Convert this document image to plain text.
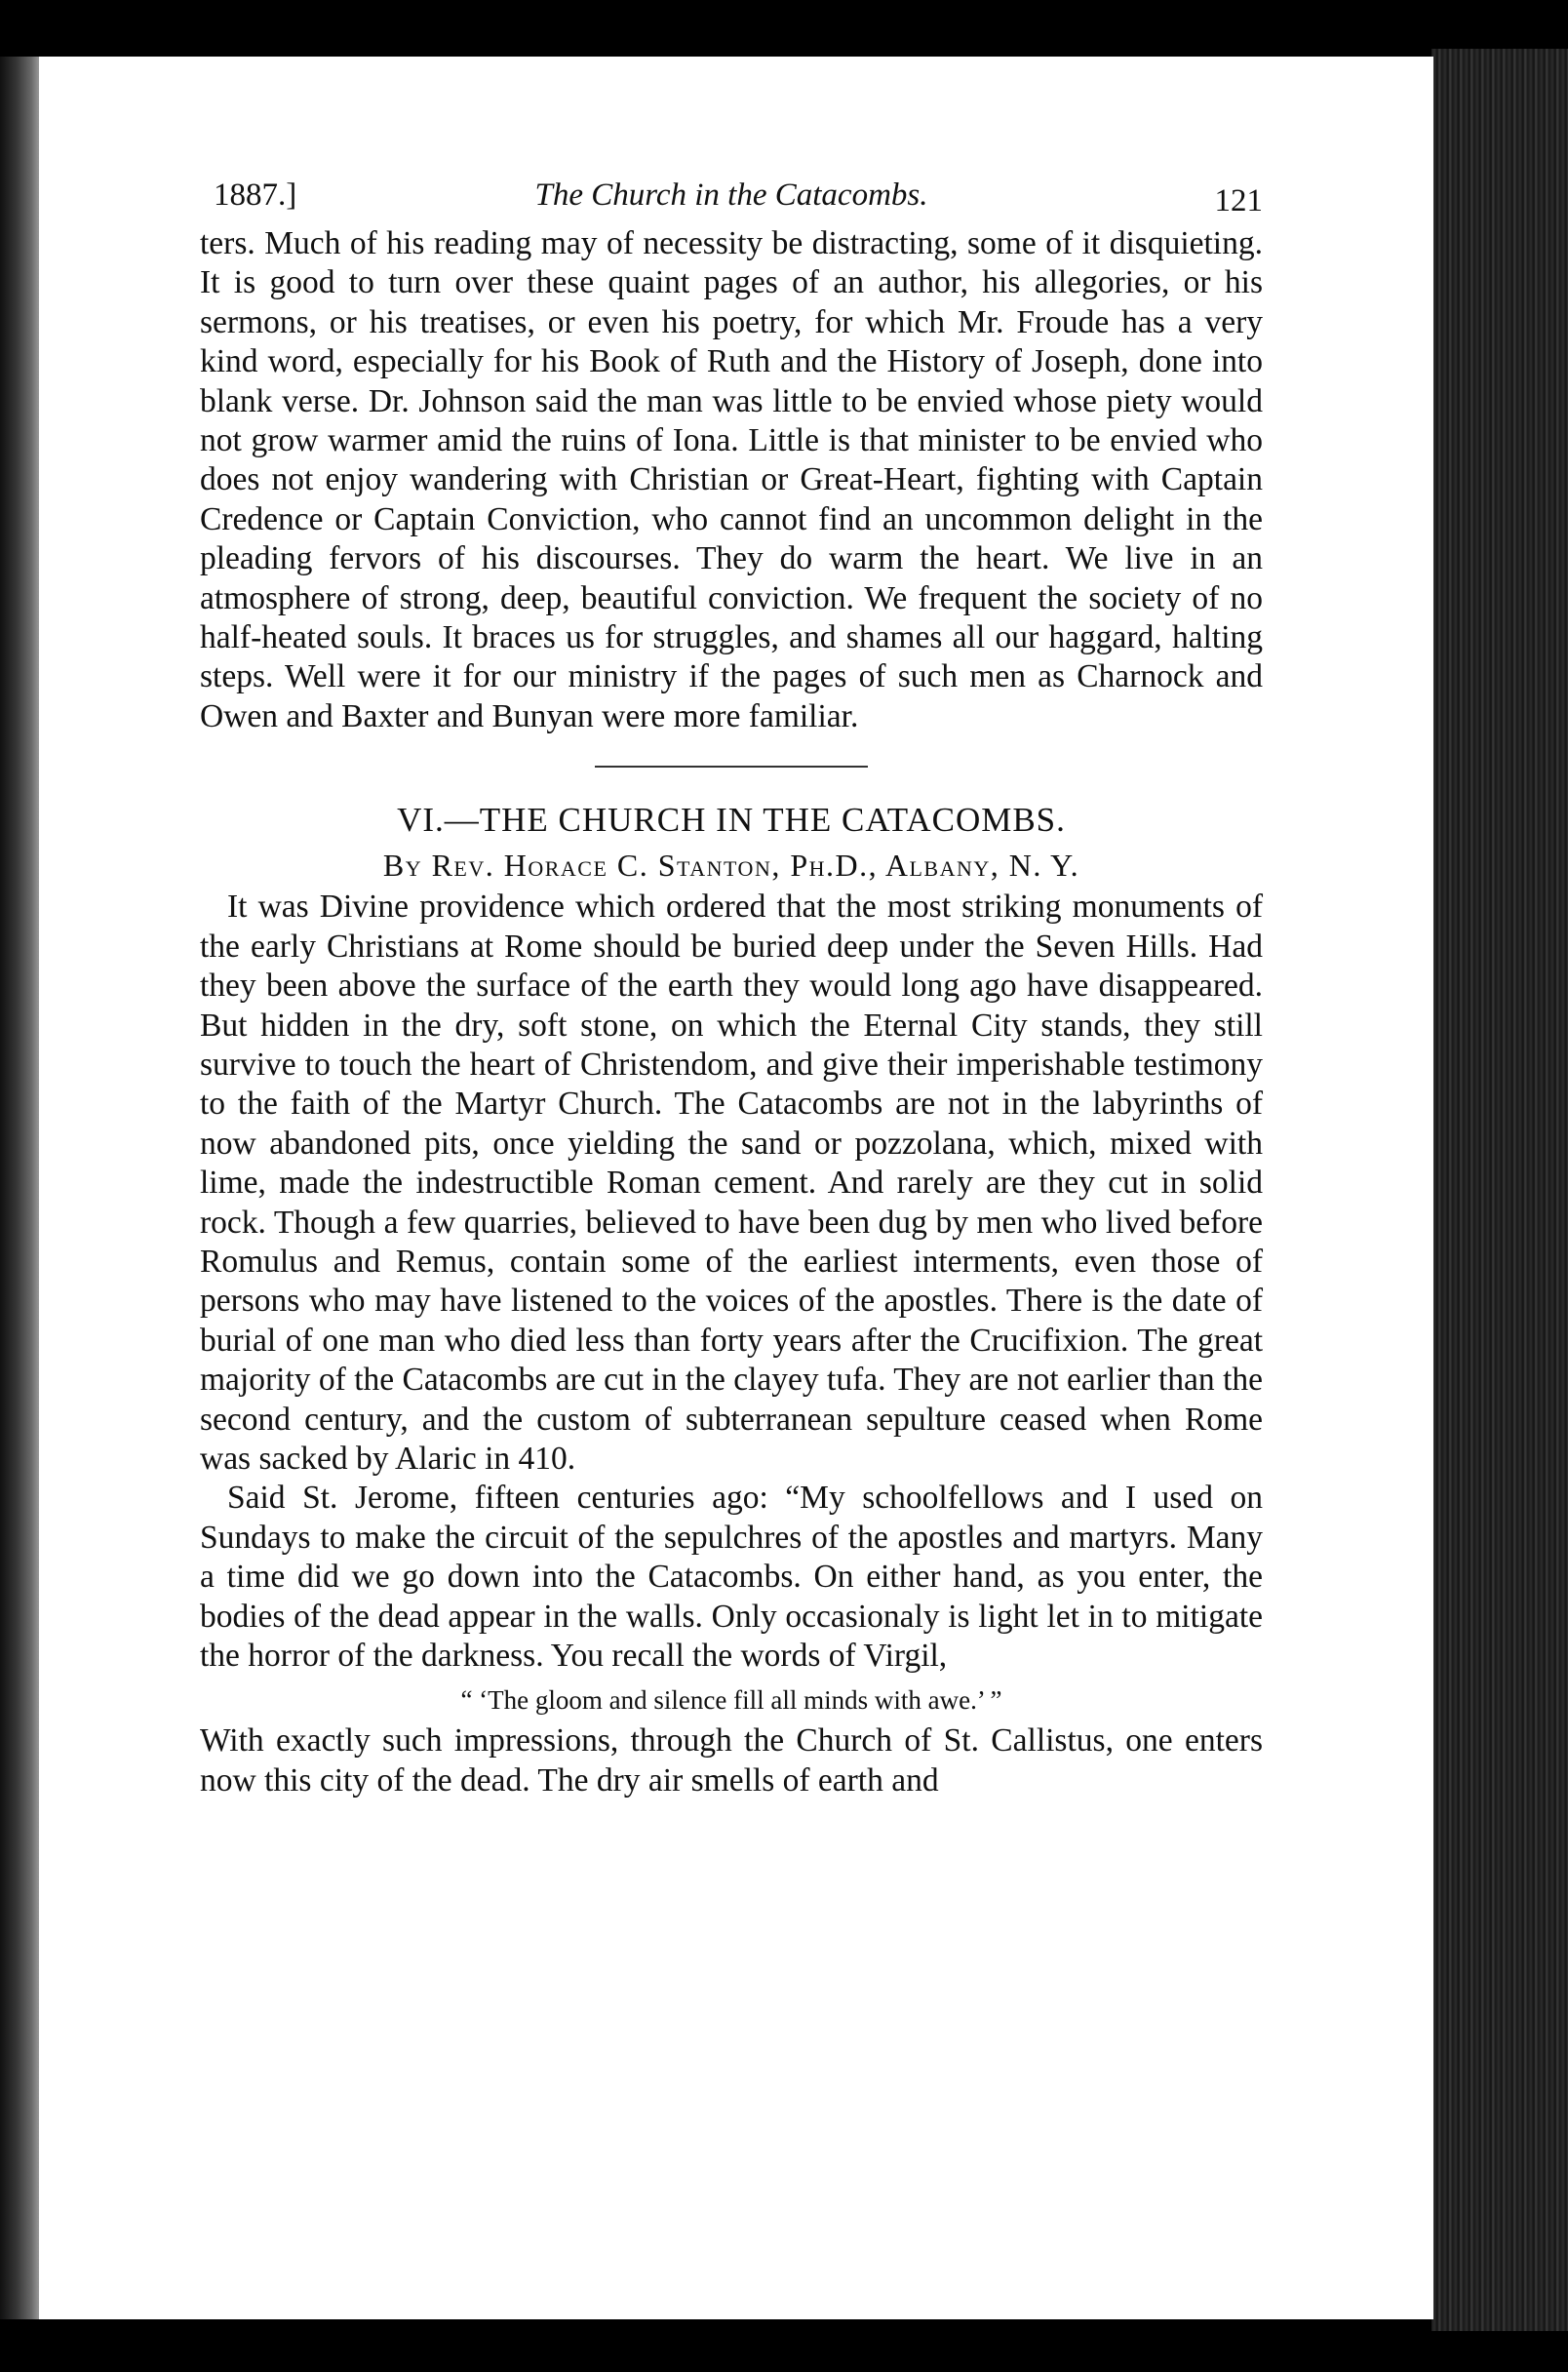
1887.]	The Church in the Catacombs.	121

ters. Much of his reading may of necessity be distracting, some of it disquieting. It is good to turn over these quaint pages of an author, his allegories, or his sermons, or his treatises, or even his poetry, for which Mr. Froude has a very kind word, especially for his Book of Ruth and the History of Joseph, done into blank verse. Dr. Johnson said the man was little to be envied whose piety would not grow warmer amid the ruins of Iona. Little is that minister to be envied who does not enjoy wandering with Christian or Great-Heart, fighting with Captain Credence or Captain Conviction, who cannot find an uncommon delight in the pleading fervors of his discourses. They do warm the heart. We live in an atmosphere of strong, deep, beautiful conviction. We frequent the society of no half-heated souls. It braces us for struggles, and shames all our haggard, halting steps. Well were it for our ministry if the pages of such men as Charnock and Owen and Baxter and Bunyan were more familiar.

VI.—THE CHURCH IN THE CATACOMBS.

By Rev. Horace C. Stanton, Ph.D., Albany, N. Y.

It was Divine providence which ordered that the most striking monuments of the early Christians at Rome should be buried deep under the Seven Hills. Had they been above the surface of the earth they would long ago have disappeared. But hidden in the dry, soft stone, on which the Eternal City stands, they still survive to touch the heart of Christendom, and give their imperishable testimony to the faith of the Martyr Church. The Catacombs are not in the labyrinths of now abandoned pits, once yielding the sand or pozzolana, which, mixed with lime, made the indestructible Roman cement. And rarely are they cut in solid rock. Though a few quarries, believed to have been dug by men who lived before Romulus and Remus, contain some of the earliest interments, even those of persons who may have listened to the voices of the apostles. There is the date of burial of one man who died less than forty years after the Crucifixion. The great majority of the Catacombs are cut in the clayey tufa. They are not earlier than the second century, and the custom of subterranean sepulture ceased when Rome was sacked by Alaric in 410.

Said St. Jerome, fifteen centuries ago: “My schoolfellows and I used on Sundays to make the circuit of the sepulchres of the apostles and martyrs. Many a time did we go down into the Catacombs. On either hand, as you enter, the bodies of the dead appear in the walls. Only occasionaly is light let in to mitigate the horror of the darkness. You recall the words of Virgil,

“ ‘The gloom and silence fill all minds with awe.’ ”

With exactly such impressions, through the Church of St. Callistus, one enters now this city of the dead. The dry air smells of earth and
